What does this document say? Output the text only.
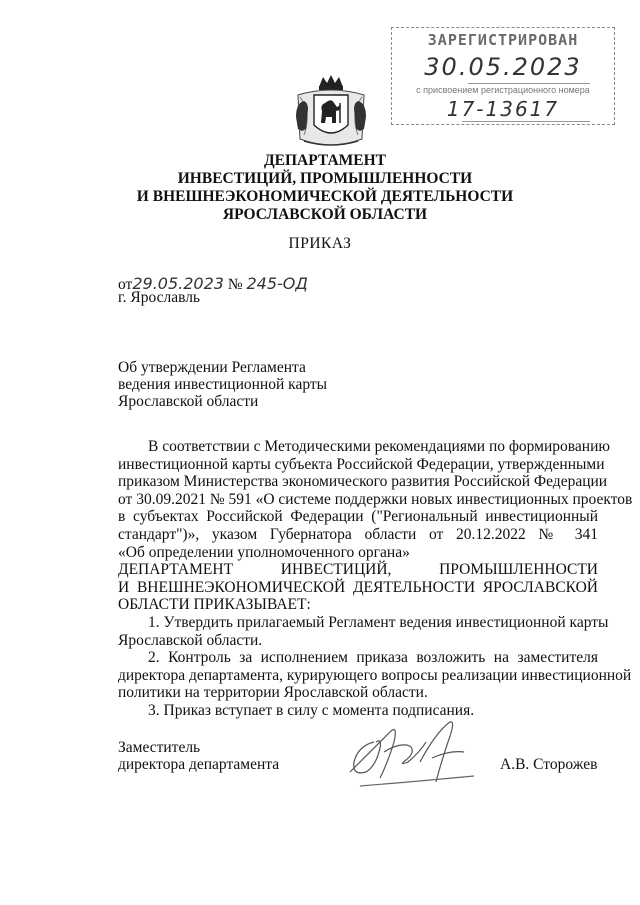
ЗАРЕГИСТРИРОВАН
30.05.2023
с присвоением регистрационного номера
17-13617
ДЕПАРТАМЕНТ
ИНВЕСТИЦИЙ, ПРОМЫШЛЕННОСТИ
И ВНЕШНЕЭКОНОМИЧЕСКОЙ ДЕЯТЕЛЬНОСТИ
ЯРОСЛАВСКОЙ ОБЛАСТИ
ПРИКАЗ
от29.05.2023 № 245-ОД
г. Ярославль
Об утверждении Регламента
ведения инвестиционной карты
Ярославской области
В соответствии с Методическими рекомендациями по формированию
инвестиционной карты субъекта Российской Федерации, утвержденными
приказом Министерства экономического развития Российской Федерации
от 30.09.2021 № 591 «О системе поддержки новых инвестиционных проектов
в субъектах Российской Федерации ("Региональный инвестиционный
стандарт")», указом Губернатора области от 20.12.2022 № 341
«Об определении уполномоченного органа»
ДЕПАРТАМЕНТ ИНВЕСТИЦИЙ, ПРОМЫШЛЕННОСТИ
И ВНЕШНЕЭКОНОМИЧЕСКОЙ ДЕЯТЕЛЬНОСТИ ЯРОСЛАВСКОЙ
ОБЛАСТИ ПРИКАЗЫВАЕТ:
1. Утвердить прилагаемый Регламент ведения инвестиционной карты
Ярославской области.
2. Контроль за исполнением приказа возложить на заместителя
директора департамента, курирующего вопросы реализации инвестиционной
политики на территории Ярославской области.
3. Приказ вступает в силу с момента подписания.
Заместитель
директора департамента	А.В. Сторожев
